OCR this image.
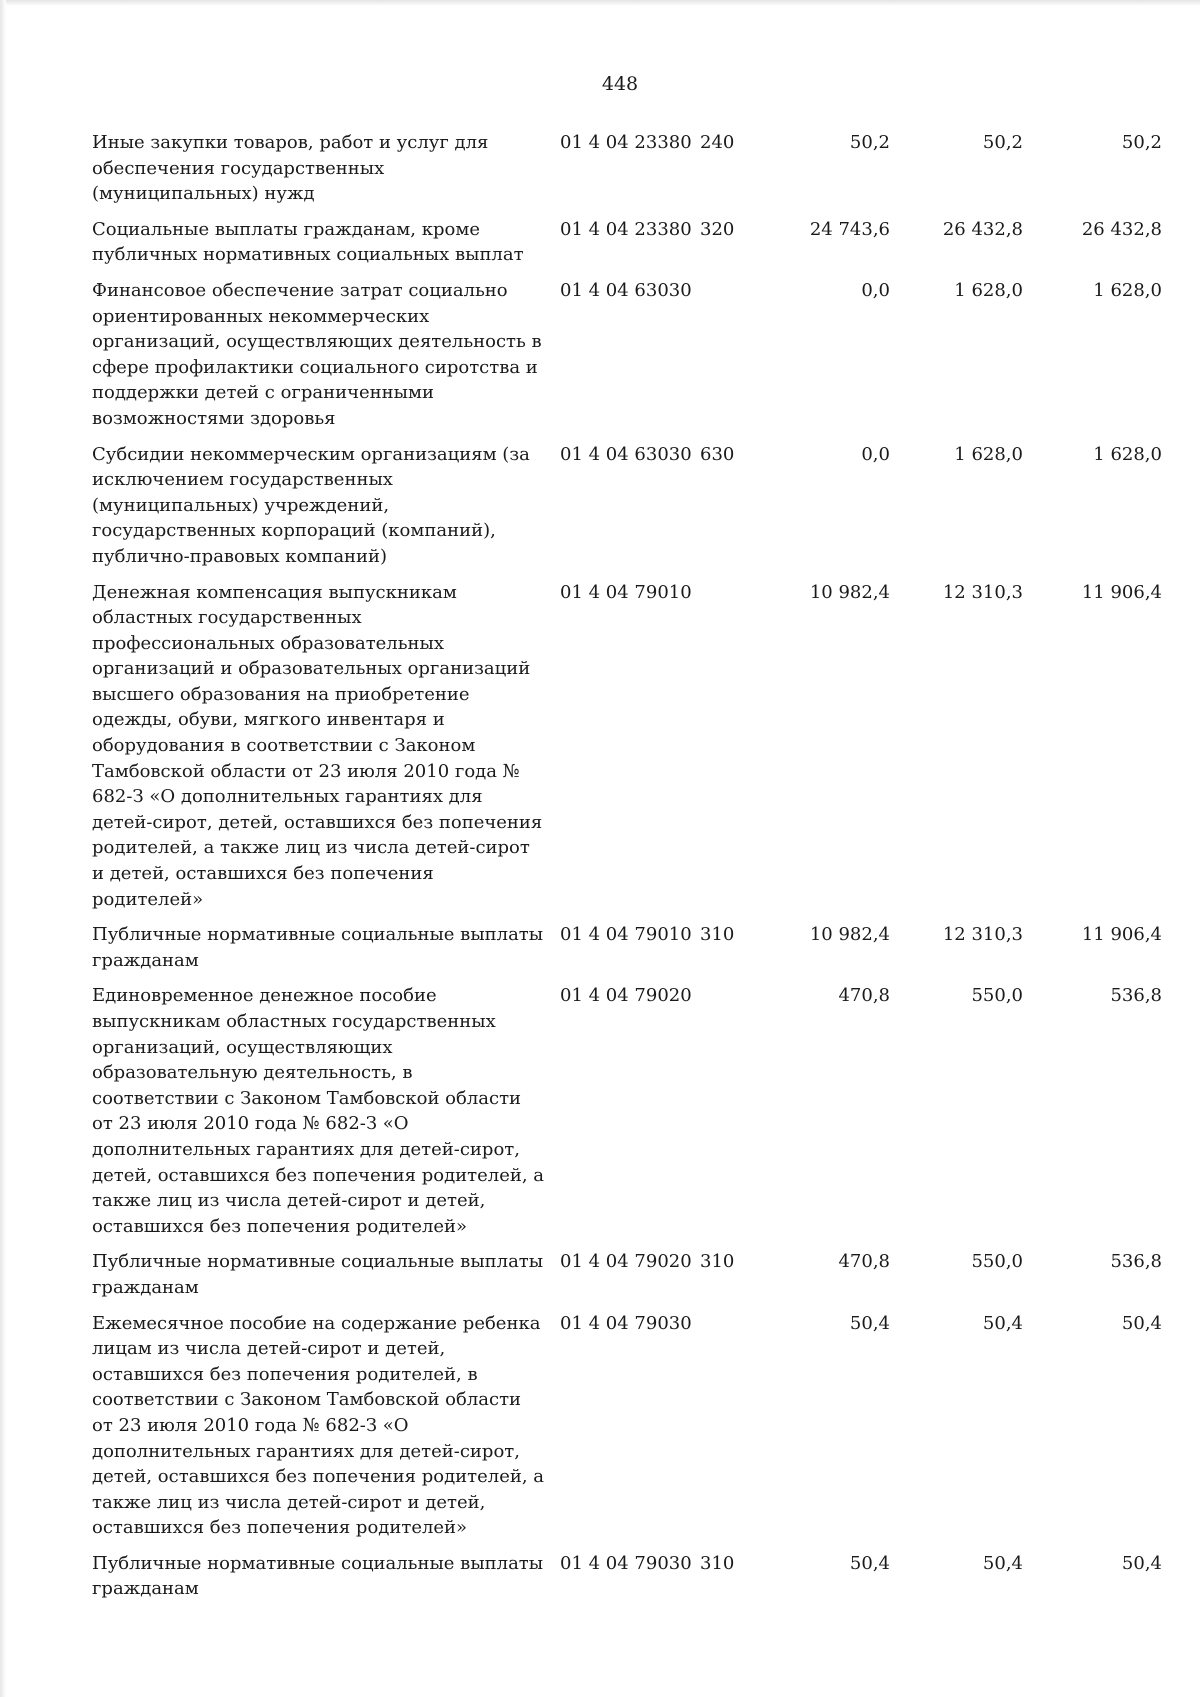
448
Иные закупки товаров, работ и услуг для обеспечения государственных (муниципальных) нужд	01 4 04 23380	240	50,2	50,2	50,2
Социальные выплаты гражданам, кроме публичных нормативных социальных выплат	01 4 04 23380	320	24 743,6	26 432,8	26 432,8
Финансовое обеспечение затрат социально ориентированных некоммерческих организаций, осуществляющих деятельность в сфере профилактики социального сиротства и поддержки детей с ограниченными возможностями здоровья	01 4 04 63030		0,0	1 628,0	1 628,0
Субсидии некоммерческим организациям (за исключением государственных (муниципальных) учреждений, государственных корпораций (компаний), публично-правовых компаний)	01 4 04 63030	630	0,0	1 628,0	1 628,0
Денежная компенсация выпускникам областных государственных профессиональных образовательных организаций и образовательных организаций высшего образования на приобретение одежды, обуви, мягкого инвентаря и оборудования в соответствии с Законом Тамбовской области от 23 июля 2010 года № 682-З «О дополнительных гарантиях для детей-сирот, детей, оставшихся без попечения родителей, а также лиц из числа детей-сирот и детей, оставшихся без попечения родителей»	01 4 04 79010		10 982,4	12 310,3	11 906,4
Публичные нормативные социальные выплаты гражданам	01 4 04 79010	310	10 982,4	12 310,3	11 906,4
Единовременное денежное пособие выпускникам областных государственных организаций, осуществляющих образовательную деятельность, в соответствии с Законом Тамбовской области от 23 июля 2010 года № 682-З «О дополнительных гарантиях для детей-сирот, детей, оставшихся без попечения родителей, а также лиц из числа детей-сирот и детей, оставшихся без попечения родителей»	01 4 04 79020		470,8	550,0	536,8
Публичные нормативные социальные выплаты гражданам	01 4 04 79020	310	470,8	550,0	536,8
Ежемесячное пособие на содержание ребенка лицам из числа детей-сирот и детей, оставшихся без попечения родителей, в соответствии с Законом Тамбовской области от 23 июля 2010 года № 682-З «О дополнительных гарантиях для детей-сирот, детей, оставшихся без попечения родителей, а также лиц из числа детей-сирот и детей, оставшихся без попечения родителей»	01 4 04 79030		50,4	50,4	50,4
Публичные нормативные социальные выплаты гражданам	01 4 04 79030	310	50,4	50,4	50,4
